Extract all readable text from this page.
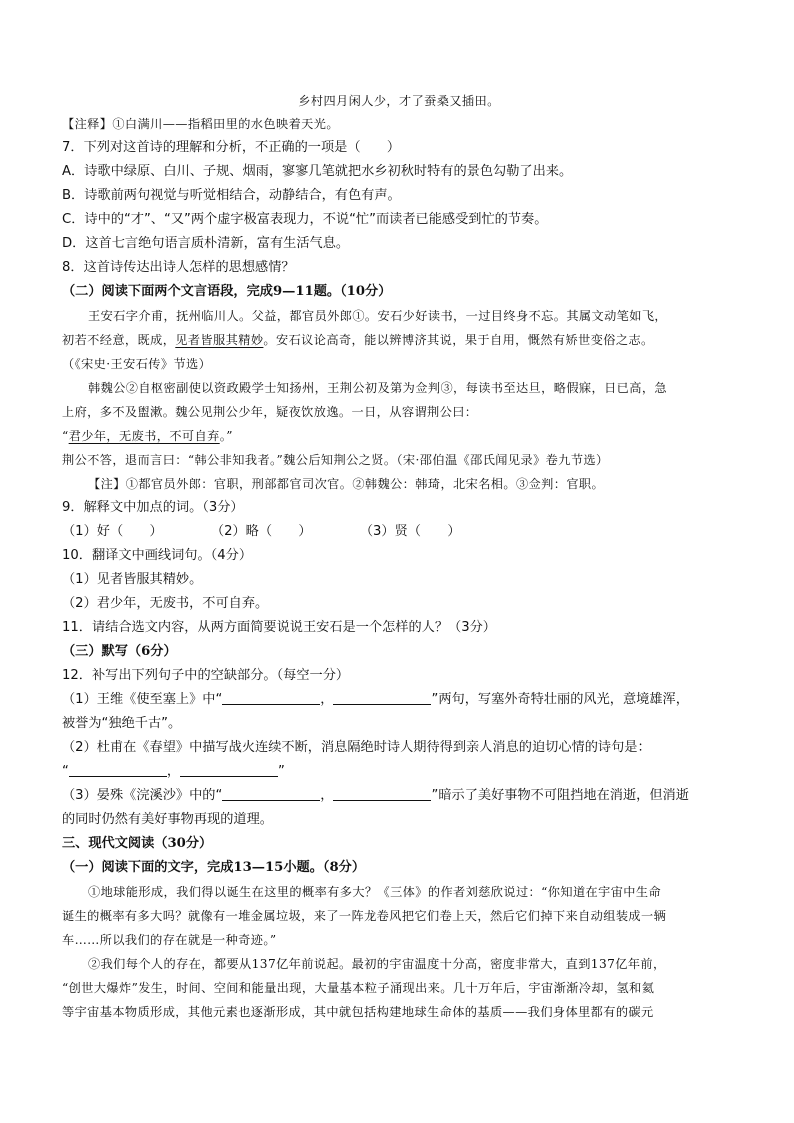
乡村四月闲人少，才了蚕桑又插田。
【注释】①白满川——指稻田里的水色映着天光。
7．下列对这首诗的理解和分析，不正确的一项是（　　）
A．诗歌中绿原、白川、子规、烟雨，寥寥几笔就把水乡初秋时特有的景色勾勒了出来。
B．诗歌前两句视觉与听觉相结合，动静结合，有色有声。
C．诗中的“才”、“又”两个虚字极富表现力，不说“忙”而读者已能感受到忙的节奏。
D．这首七言绝句语言质朴清新，富有生活气息。
8．这首诗传达出诗人怎样的思想感情？
（二）阅读下面两个文言语段，完成9—11题。（10分）
王安石字介甫，抚州临川人。父益，都官员外郎①。安石少好读书，一过目终身不忘。其属文动笔如飞，
初若不经意，既成，见者皆服其精妙。安石议论高奇，能以辨博济其说，果于自用，慨然有矫世变俗之志。
（《宋史·王安石传》节选）
韩魏公②自枢密副使以资政殿学士知扬州，王荆公初及第为佥判③，每读书至达旦，略假寐，日已高，急
上府，多不及盥漱。魏公见荆公少年，疑夜饮放逸。一日，从容谓荆公曰：
“君少年，无废书，不可自弃。”
荆公不答，退而言曰：“韩公非知我者。”魏公后知荆公之贤。（宋·邵伯温《邵氏闻见录》卷九节选）
【注】①都官员外郎：官职，刑部都官司次官。②韩魏公：韩琦，北宋名相。③佥判：官职。
9．解释文中加点的词。（3分）
（1）好（　　）	（2）略（　　）	（3）贤（　　）
10．翻译文中画线词句。（4分）
（1）见者皆服其精妙。
（2）君少年，无废书，不可自弃。
11．请结合选文内容，从两方面简要说说王安石是一个怎样的人？（3分）
（三）默写（6分）
12．补写出下列句子中的空缺部分。（每空一分）
（1）王维《使至塞上》中“	，	”两句，写塞外奇特壮丽的风光，意境雄浑，
被誉为“独绝千古”。
（2）杜甫在《春望》中描写战火连续不断，消息隔绝时诗人期待得到亲人消息的迫切心情的诗句是：
“	，	”
（3）晏殊《浣溪沙》中的“	，	”暗示了美好事物不可阻挡地在消逝，但消逝
的同时仍然有美好事物再现的道理。
三、现代文阅读（30分）
（一）阅读下面的文字，完成13—15小题。（8分）
①地球能形成，我们得以诞生在这里的概率有多大？《三体》的作者刘慈欣说过：“你知道在宇宙中生命
诞生的概率有多大吗？就像有一堆金属垃圾，来了一阵龙卷风把它们卷上天，然后它们掉下来自动组装成一辆
车……所以我们的存在就是一种奇迹。”
②我们每个人的存在，都要从137亿年前说起。最初的宇宙温度十分高，密度非常大，直到137亿年前，
“创世大爆炸”发生，时间、空间和能量出现，大量基本粒子涌现出来。几十万年后，宇宙渐渐冷却，氢和氦
等宇宙基本物质形成，其他元素也逐渐形成，其中就包括构建地球生命体的基质——我们身体里都有的碳元
